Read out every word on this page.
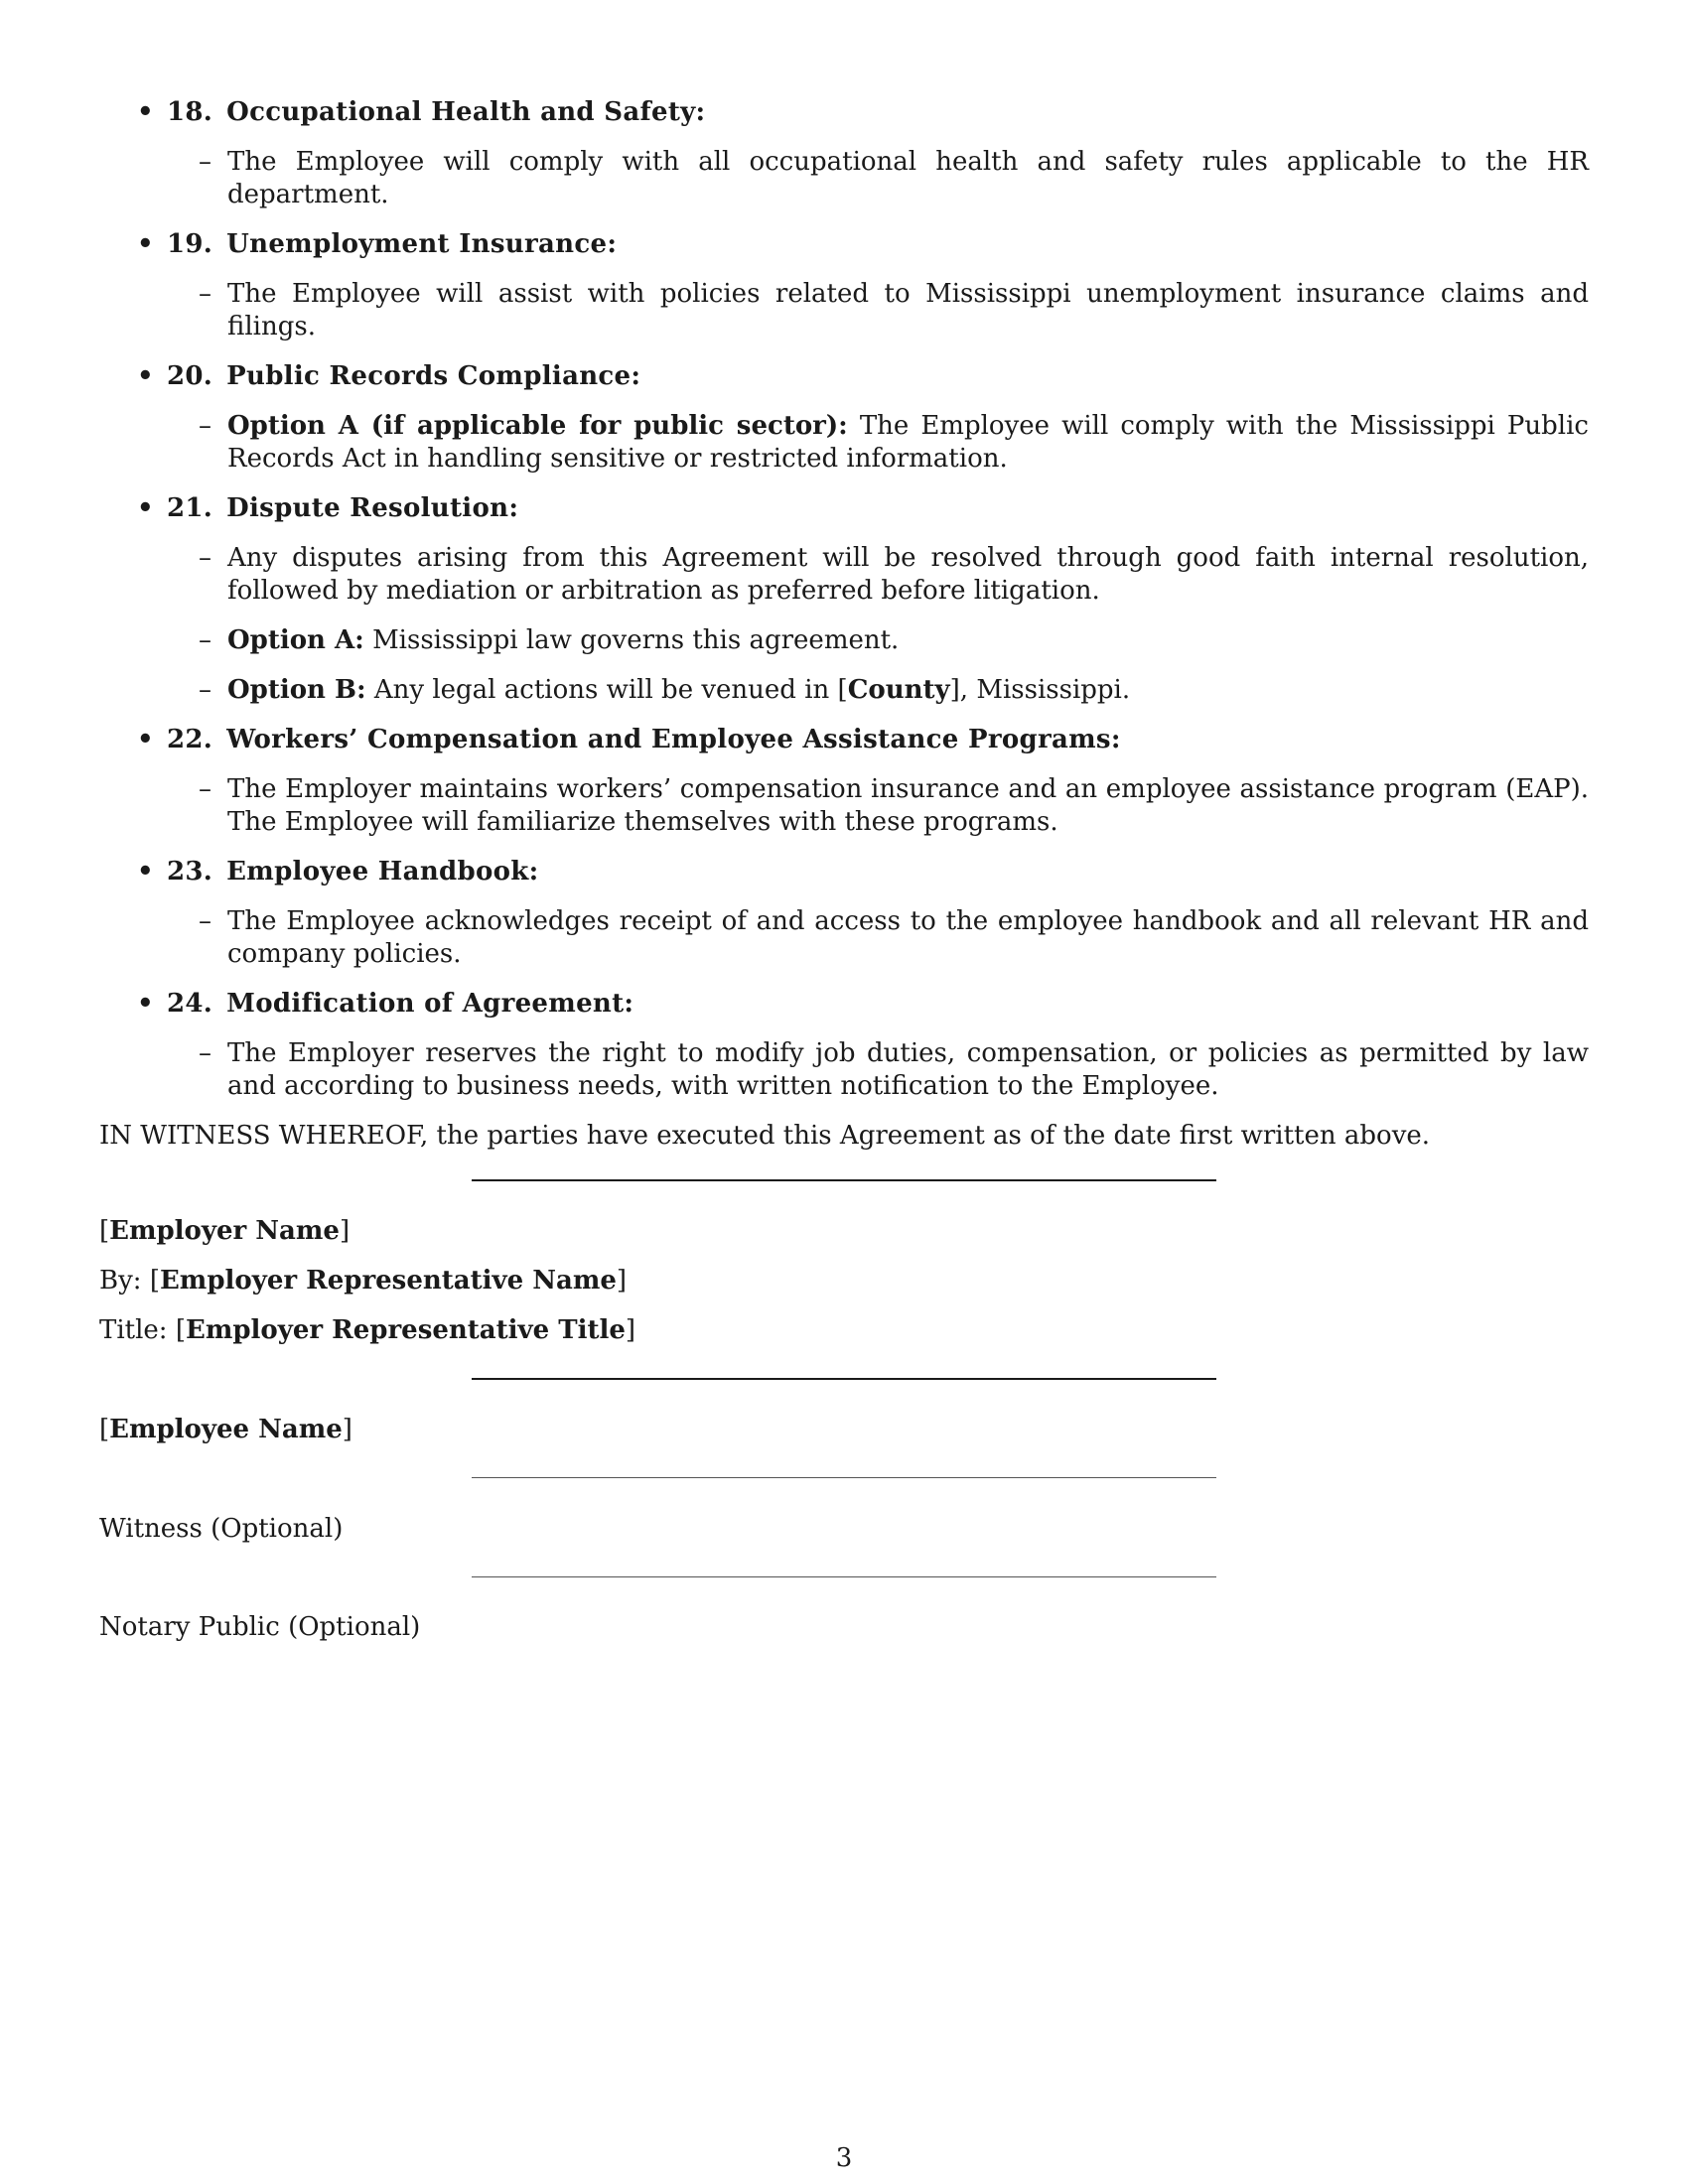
• 18. Occupational Health and Safety:
– The Employee will comply with all occupational health and safety rules applicable to the HR department.
• 19. Unemployment Insurance:
– The Employee will assist with policies related to Mississippi unemployment insurance claims and filings.
• 20. Public Records Compliance:
– Option A (if applicable for public sector): The Employee will comply with the Mississippi Public Records Act in handling sensitive or restricted information.
• 21. Dispute Resolution:
– Any disputes arising from this Agreement will be resolved through good faith internal resolution, followed by mediation or arbitration as preferred before litigation.
– Option A: Mississippi law governs this agreement.
– Option B: Any legal actions will be venued in [County], Mississippi.
• 22. Workers’ Compensation and Employee Assistance Programs:
– The Employer maintains workers’ compensation insurance and an employee assistance program (EAP). The Employee will familiarize themselves with these programs.
• 23. Employee Handbook:
– The Employee acknowledges receipt of and access to the employee handbook and all relevant HR and company policies.
• 24. Modification of Agreement:
– The Employer reserves the right to modify job duties, compensation, or policies as permitted by law and according to business needs, with written notification to the Employee.
IN WITNESS WHEREOF, the parties have executed this Agreement as of the date first written above.
[Employer Name]
By: [Employer Representative Name]
Title: [Employer Representative Title]
[Employee Name]
Witness (Optional)
Notary Public (Optional)
3
